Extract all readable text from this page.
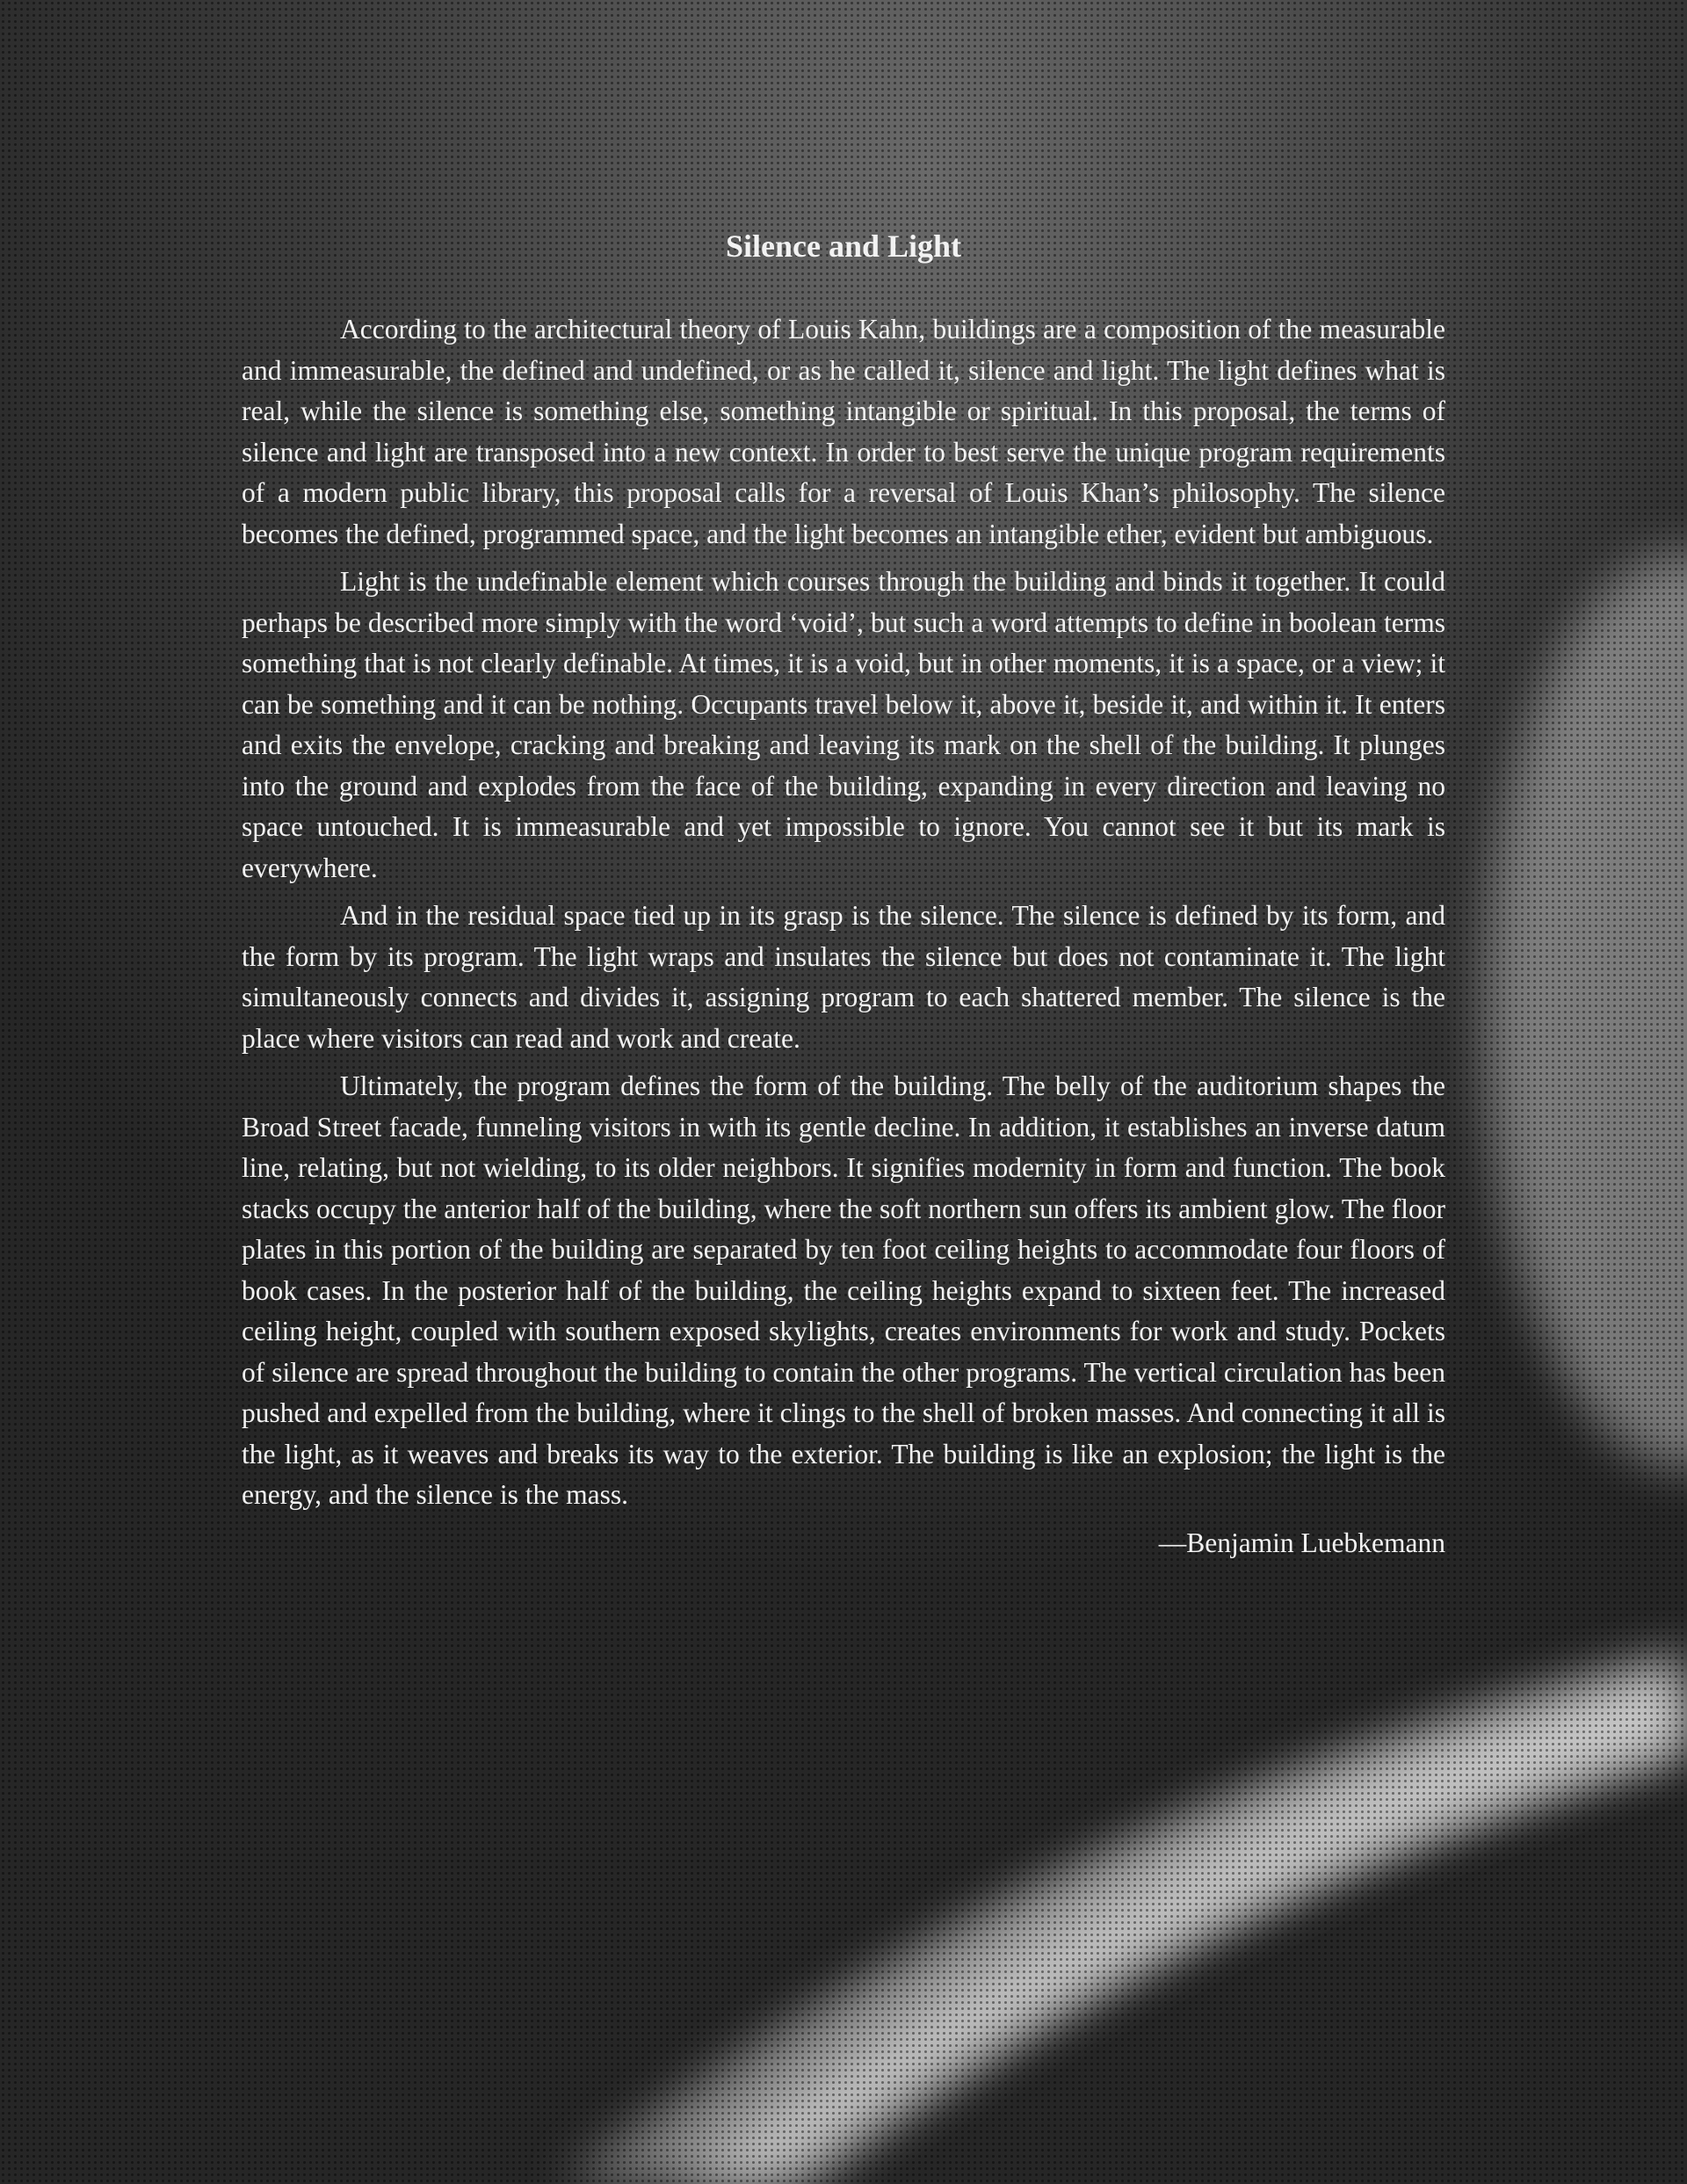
Silence and Light

According to the architectural theory of Louis Kahn, buildings are a composition of the measurable and immeasurable, the defined and undefined, or as he called it, silence and light. The light defines what is real, while the silence is something else, something intangible or spiritual. In this proposal, the terms of silence and light are transposed into a new context. In order to best serve the unique program requirements of a modern public library, this proposal calls for a reversal of Louis Khan’s philosophy. The silence becomes the defined, programmed space, and the light becomes an intangible ether, evident but ambiguous.

Light is the undefinable element which courses through the building and binds it together. It could perhaps be described more simply with the word ‘void’, but such a word attempts to define in boolean terms something that is not clearly definable. At times, it is a void, but in other moments, it is a space, or a view; it can be something and it can be nothing. Occupants travel below it, above it, beside it, and within it. It enters and exits the envelope, cracking and breaking and leaving its mark on the shell of the building. It plunges into the ground and explodes from the face of the building, expanding in every direction and leaving no space untouched. It is immeasurable and yet impossible to ignore. You cannot see it but its mark is everywhere.

And in the residual space tied up in its grasp is the silence. The silence is defined by its form, and the form by its program. The light wraps and insulates the silence but does not contaminate it. The light simultaneously connects and divides it, assigning program to each shattered member. The silence is the place where visitors can read and work and create.

Ultimately, the program defines the form of the building. The belly of the auditorium shapes the Broad Street facade, funneling visitors in with its gentle decline. In addition, it establishes an inverse datum line, relating, but not wielding, to its older neighbors. It signifies modernity in form and function. The book stacks occupy the anterior half of the building, where the soft northern sun offers its ambient glow. The floor plates in this portion of the building are separated by ten foot ceiling heights to accommodate four floors of book cases. In the posterior half of the building, the ceiling heights expand to sixteen feet. The increased ceiling height, coupled with southern exposed skylights, creates environments for work and study. Pockets of silence are spread throughout the building to contain the other programs. The vertical circulation has been pushed and expelled from the building, where it clings to the shell of broken masses. And connecting it all is the light, as it weaves and breaks its way to the exterior. The building is like an explosion; the light is the energy, and the silence is the mass.

—Benjamin Luebkemann
